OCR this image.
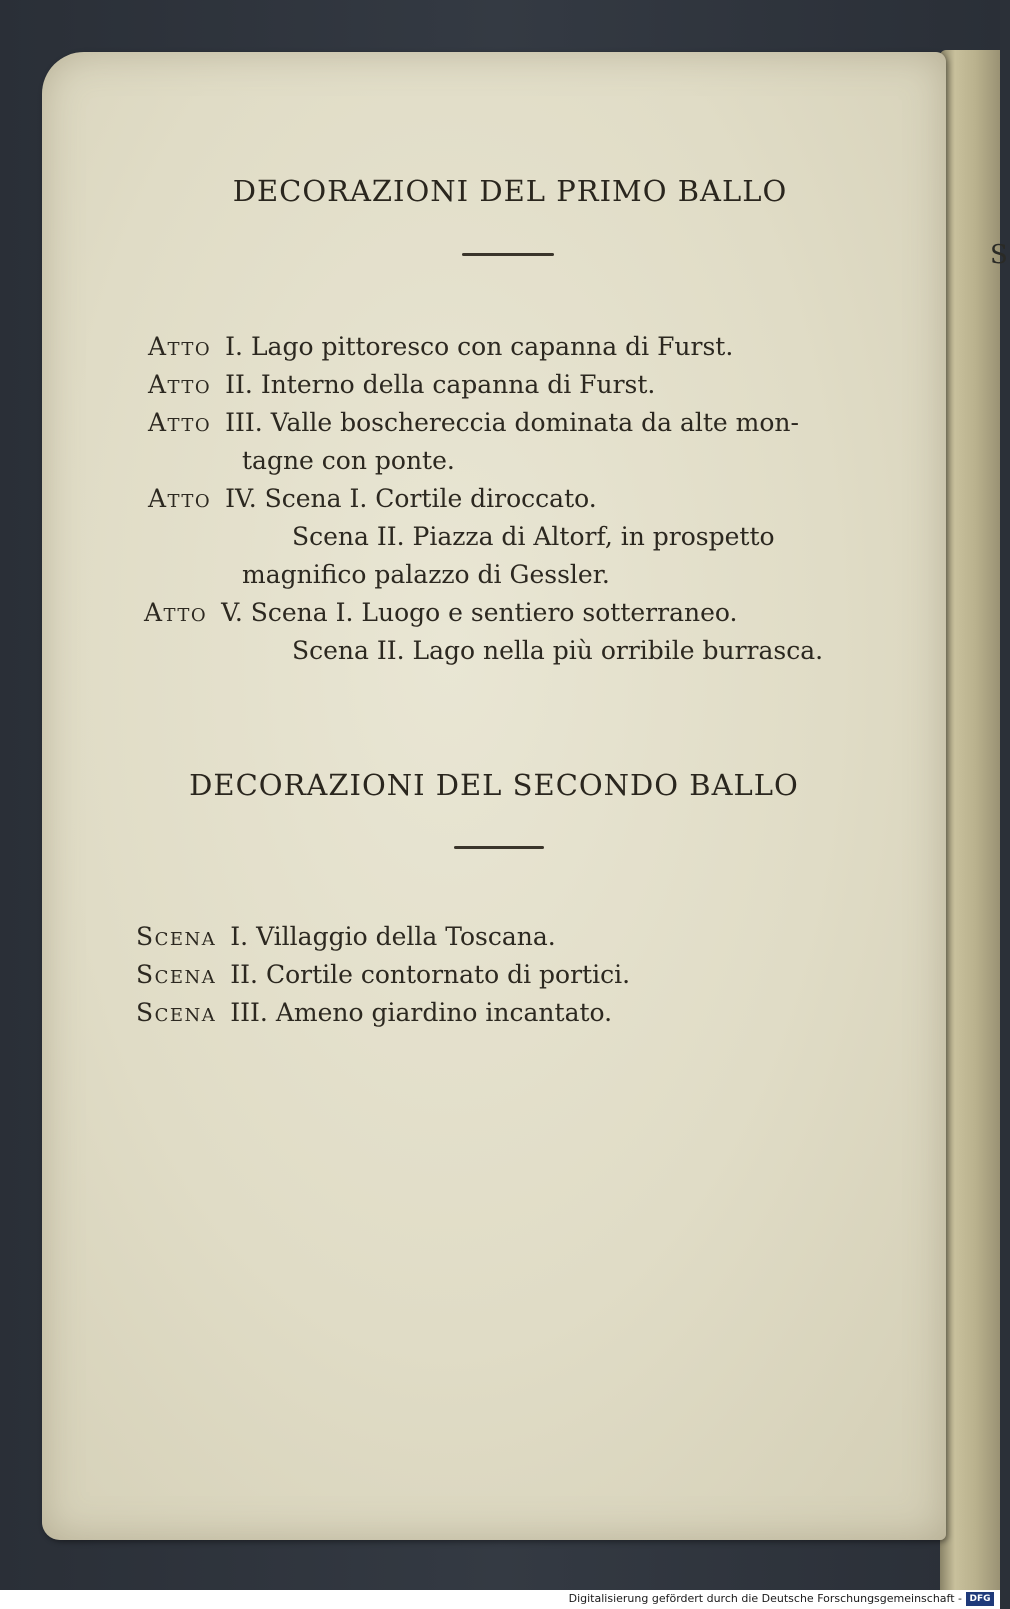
S
DECORAZIONI DEL PRIMO BALLO
Atto I. Lago pittoresco con capanna di Furst.
Atto II. Interno della capanna di Furst.
Atto III. Valle boschereccia dominata da alte mon-
tagne con ponte.
Atto IV. Scena I. Cortile diroccato.
Scena II. Piazza di Altorf, in prospetto
magnifico palazzo di Gessler.
Atto V. Scena I. Luogo e sentiero sotterraneo.
Scena II. Lago nella più orribile burrasca.
DECORAZIONI DEL SECONDO BALLO
Scena I. Villaggio della Toscana.
Scena II. Cortile contornato di portici.
Scena III. Ameno giardino incantato.
Digitalisierung gefördert durch die Deutsche Forschungsgemeinschaft - DFG
